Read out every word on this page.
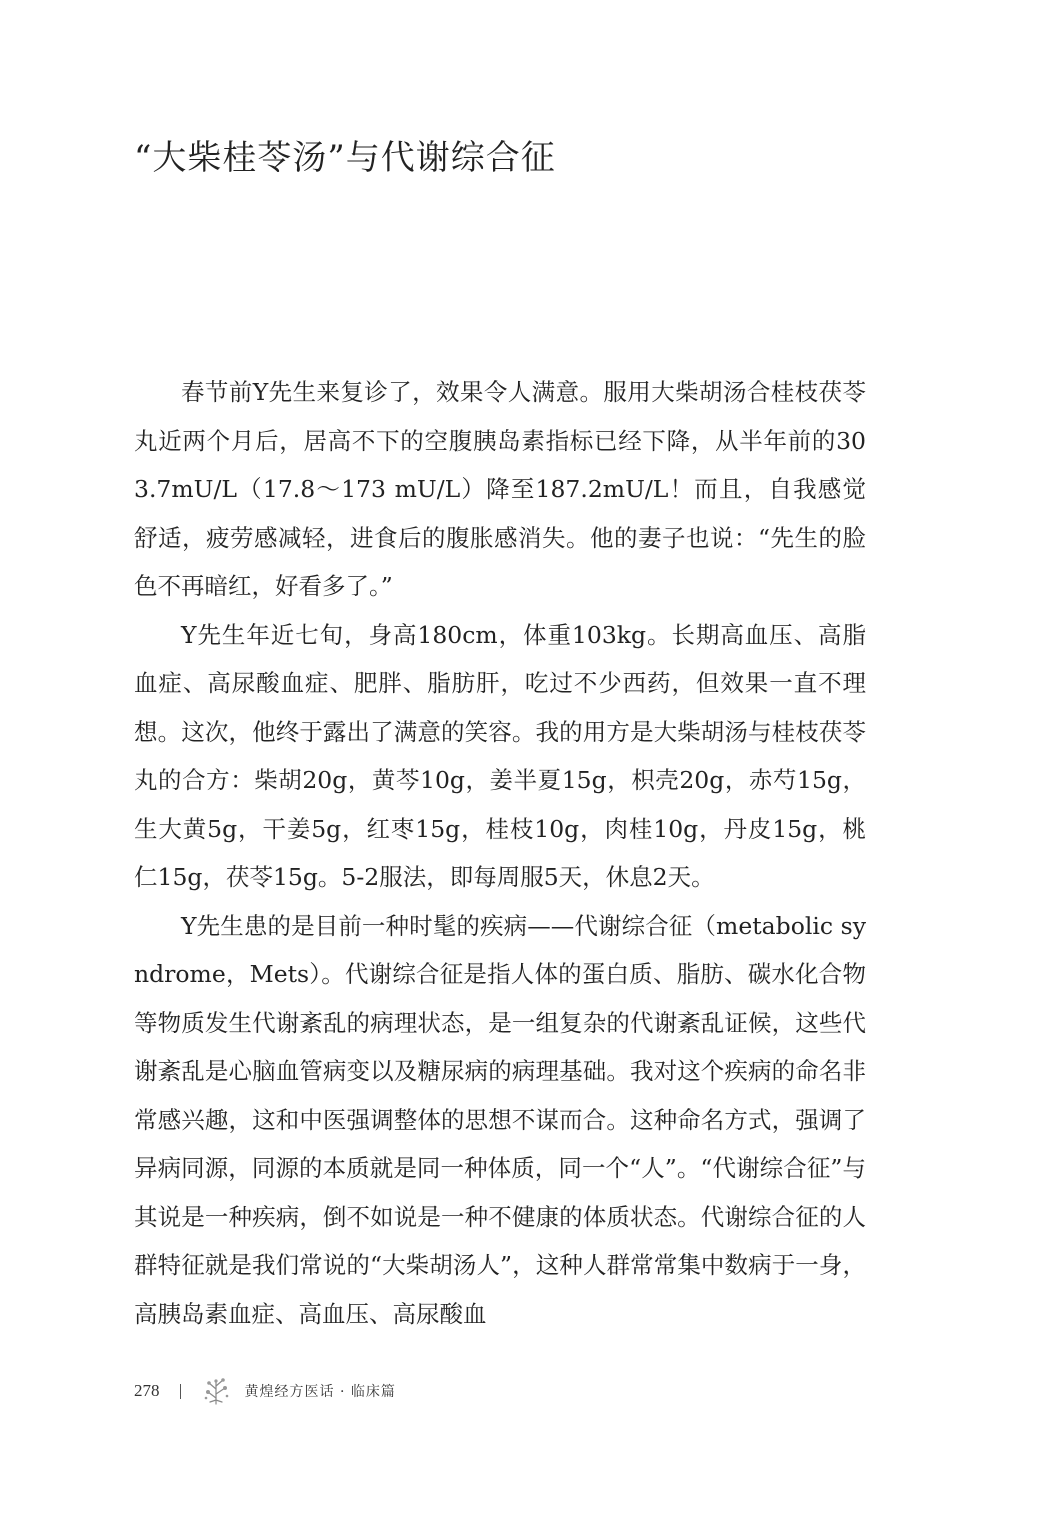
“大柴桂苓汤”与代谢综合征

春节前Y先生来复诊了，效果令人满意。服用大柴胡汤合桂枝茯苓丸近两个月后，居高不下的空腹胰岛素指标已经下降，从半年前的303.7mU/L（17.8～173 mU/L）降至187.2mU/L！而且，自我感觉舒适，疲劳感减轻，进食后的腹胀感消失。他的妻子也说：“先生的脸色不再暗红，好看多了。”

Y先生年近七旬，身高180cm，体重103kg。长期高血压、高脂血症、高尿酸血症、肥胖、脂肪肝，吃过不少西药，但效果一直不理想。这次，他终于露出了满意的笑容。我的用方是大柴胡汤与桂枝茯苓丸的合方：柴胡20g，黄芩10g，姜半夏15g，枳壳20g，赤芍15g，生大黄5g，干姜5g，红枣15g，桂枝10g，肉桂10g，丹皮15g，桃仁15g，茯苓15g。5-2服法，即每周服5天，休息2天。

Y先生患的是目前一种时髦的疾病——代谢综合征（metabolic syndrome，Mets）。代谢综合征是指人体的蛋白质、脂肪、碳水化合物等物质发生代谢紊乱的病理状态，是一组复杂的代谢紊乱证候，这些代谢紊乱是心脑血管病变以及糖尿病的病理基础。我对这个疾病的命名非常感兴趣，这和中医强调整体的思想不谋而合。这种命名方式，强调了异病同源，同源的本质就是同一种体质，同一个“人”。“代谢综合征”与其说是一种疾病，倒不如说是一种不健康的体质状态。代谢综合征的人群特征就是我们常说的“大柴胡汤人”，这种人群常常集中数病于一身，高胰岛素血症、高血压、高尿酸血

278	黄煌经方医话 · 临床篇
